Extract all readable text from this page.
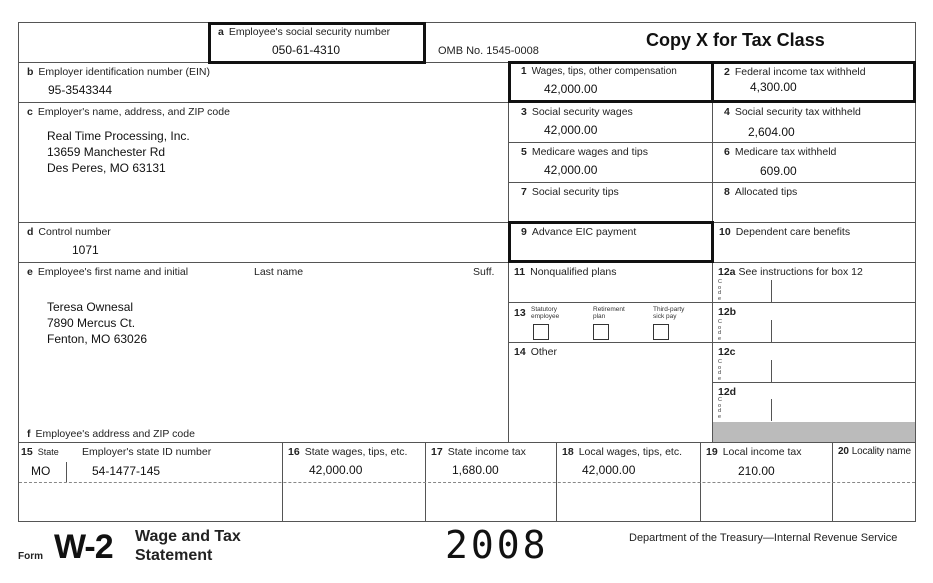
a Employee's social security number
050-61-4310	OMB No. 1545-0008
Copy X for Tax Class
b Employer identification number (EIN)
95-3543344
c Employer's name, address, and ZIP code
Real Time Processing, Inc.
13659 Manchester Rd
Des Peres, MO 63131
d Control number
1071
e Employee's first name and initial	Last name	Suff.
Teresa Ownesal
7890 Mercus Ct.
Fenton, MO 63026
f Employee's address and ZIP code
1 Wages, tips, other compensation
42,000.00
2 Federal income tax withheld
4,300.00
3 Social security wages
42,000.00
4 Social security tax withheld
2,604.00
5 Medicare wages and tips
42,000.00
6 Medicare tax withheld
609.00
7 Social security tips	8 Allocated tips
9 Advance EIC payment	10 Dependent care benefits
11 Nonqualified plans	12a See instructions for box 12
C
o
d
e
13 Statutory employee
Retirement plan
Third-party sick pay	12b
C
o
d
e
14 Other	12c
C
o
d
e
12d
C
o
d
e
15 State Employer's state ID number
MO	54-1477-145
16 State wages, tips, etc.
42,000.00
17 State income tax
1,680.00
18 Local wages, tips, etc.
42,000.00
19 Local income tax
210.00
20 Locality name
Form W-2 Wage and Tax
Statement	2008	Department of the Treasury—Internal Revenue Service
